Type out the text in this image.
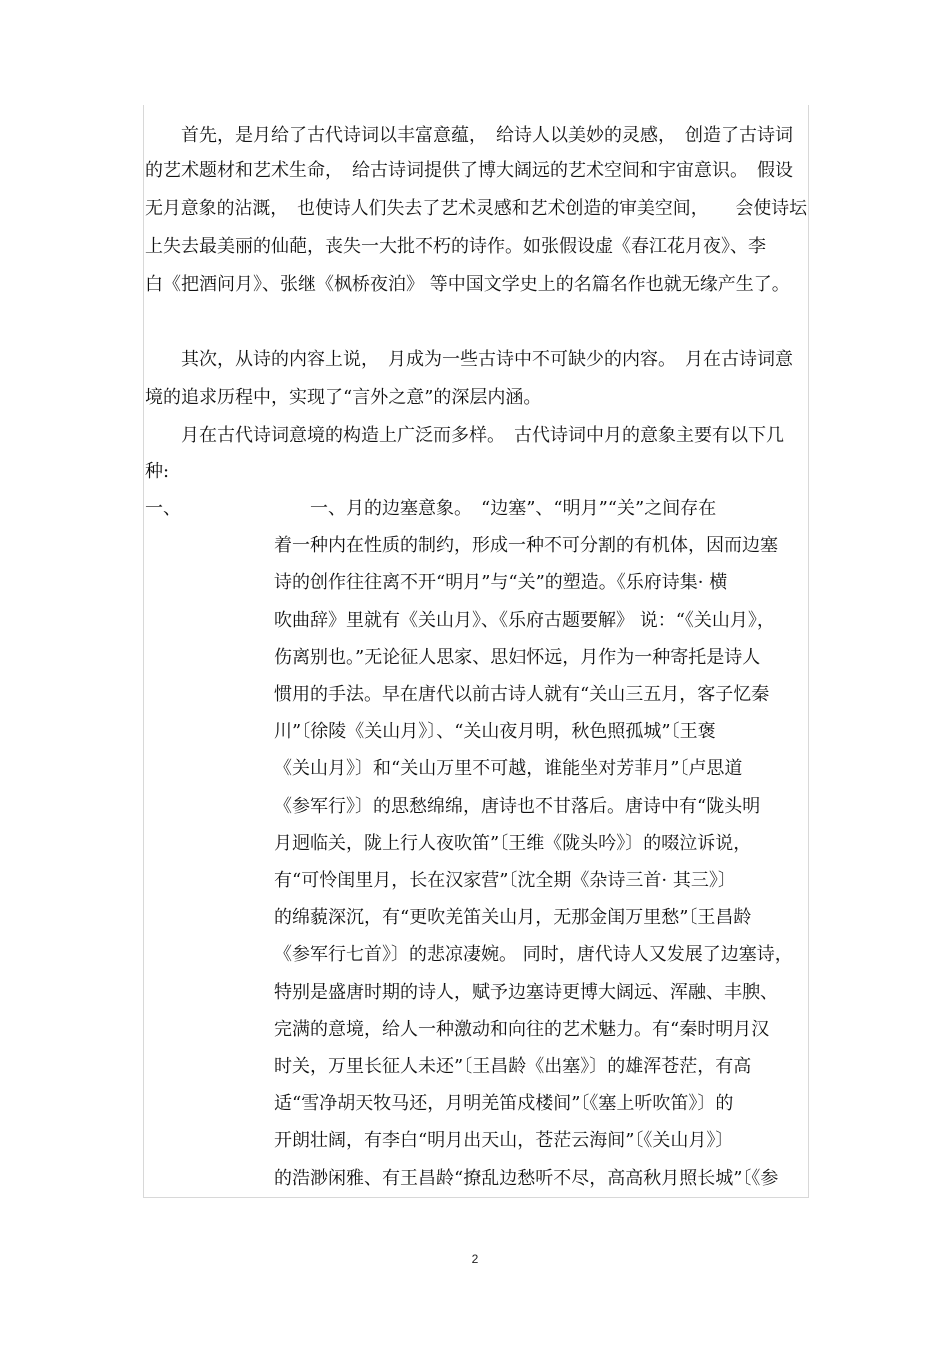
　　首先，是月给了古代诗词以丰富意蕴，　给诗人以美妙的灵感，　创造了古诗词
的艺术题材和艺术生命，　给古诗词提供了博大阔远的艺术空间和宇宙意识。　假设
无月意象的沾溉，　也使诗人们失去了艺术灵感和艺术创造的审美空间，　　会使诗坛
上失去最美丽的仙葩，丧失一大批不朽的诗作。如张假设虚《春江花月夜》、李
白《把酒问月》、张继《枫桥夜泊》 等中国文学史上的名篇名作也就无缘产生了。
　　其次，从诗的内容上说，　月成为一些古诗中不可缺少的内容。　月在古诗词意
境的追求历程中，实现了“言外之意”的深层内涵。
　　月在古代诗词意境的构造上广泛而多样。　古代诗词中月的意象主要有以下几
种:
一、	　　一、月的边塞意象。　“边塞”、“明月”“关”之间存在
着一种内在性质的制约，形成一种不可分割的有机体，因而边塞
诗的创作往往离不开“明月”与“关”的塑造。《乐府诗集· 横
吹曲辞》里就有《关山月》、《乐府古题要解》 说：“《关山月》，
伤离别也。”无论征人思家、思妇怀远，月作为一种寄托是诗人
惯用的手法。早在唐代以前古诗人就有“关山三五月，客子忆秦
川”〔徐陵《关山月》〕、“关山夜月明，秋色照孤城”〔王褒
《关山月》〕和“关山万里不可越，谁能坐对芳菲月”〔卢思道
《参军行》〕的思愁绵绵，唐诗也不甘落后。唐诗中有“陇头明
月迥临关，陇上行人夜吹笛”〔王维《陇头吟》〕的啜泣诉说，
有“可怜闺里月，长在汉家营”〔沈全期《杂诗三首· 其三》〕
的绵藐深沉，有“更吹羌笛关山月，无那金闺万里愁”〔王昌龄
《参军行七首》〕的悲凉凄婉。 同时，唐代诗人又发展了边塞诗，
特别是盛唐时期的诗人，赋予边塞诗更博大阔远、浑融、丰腴、
完满的意境，给人一种激动和向往的艺术魅力。有“秦时明月汉
时关，万里长征人未还”〔王昌龄《出塞》〕的雄浑苍茫，有高
适“雪净胡天牧马还，月明羌笛戍楼间”〔《塞上听吹笛》〕的
开朗壮阔，有李白“明月出天山，苍茫云海间”〔《关山月》〕
的浩渺闲雅、有王昌龄“撩乱边愁听不尽，高高秋月照长城”〔《参
2
